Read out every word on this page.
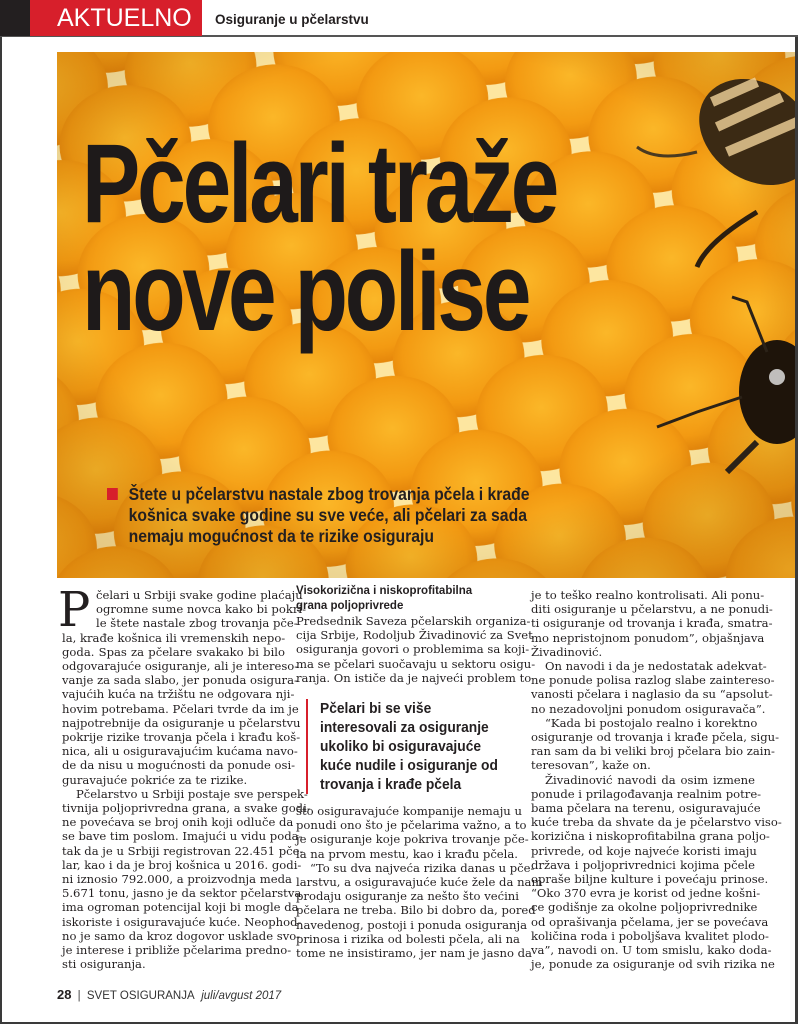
AKTUELNO	Osiguranje u pčelarstvu
Pčelari traže
nove polise
Štete u pčelarstvu nastale zbog trovanja pčela i krađe
košnica svake godine su sve veće, ali pčelari za sada
nemaju mogućnost da te rizike osiguraju
P čelari u Srbiji svake godine plaćaju
ogromne sume novca kako bi pokri-
le štete nastale zbog trovanja pče-
la, krađe košnica ili vremenskih nepo-
goda. Spas za pčelare svakako bi bilo
odgovarajuće osiguranje, ali je intereso-
vanje za sada slabo, jer ponuda osigura-
vajućih kuća na tržištu ne odgovara nji-
hovim potrebama. Pčelari tvrde da im je
najpotrebnije da osiguranje u pčelarstvu
pokrije rizike trovanja pčela i krađu koš-
nica, ali u osiguravajućim kućama navo-
de da nisu u mogućnosti da ponude osi-
guravajuće pokriće za te rizike.
Pčelarstvo u Srbiji postaje sve perspek-
tivnija poljoprivredna grana, a svake godi-
ne povećava se broj onih koji odluče da
se bave tim poslom. Imajući u vidu poda-
tak da je u Srbiji registrovan 22.451 pče-
lar, kao i da je broj košnica u 2016. godi-
ni iznosio 792.000, a proizvodnja meda
5.671 tonu, jasno je da sektor pčelarstva
ima ogroman potencijal koji bi mogle da
iskoriste i osiguravajuće kuće. Neophod-
no je samo da kroz dogovor usklade svo-
je interese i približe pčelarima predno-
sti osiguranja.
Visokorizična i niskoprofitabilna
grana poljoprivrede
Predsednik Saveza pčelarskih organiza-
cija Srbije, Rodoljub Živadinović za Svet
osiguranja govori o problemima sa koji-
ma se pčelari suočavaju u sektoru osigu-
ranja. On ističe da je najveći problem to
Pčelari bi se više
interesovali za osiguranje
ukoliko bi osiguravajuće
kuće nudile i osiguranje od
trovanja i krađe pčela
što osiguravajuće kompanije nemaju u
ponudi ono što je pčelarima važno, a to
je osiguranje koje pokriva trovanje pče-
la na prvom mestu, kao i krađu pčela.
“To su dva najveća rizika danas u pče-
larstvu, a osiguravajuće kuće žele da nam
prodaju osiguranje za nešto što većini
pčelara ne treba. Bilo bi dobro da, pored
navedenog, postoji i ponuda osiguranja
prinosa i rizika od bolesti pčela, ali na
tome ne insistiramo, jer nam je jasno da
je to teško realno kontrolisati. Ali ponu-
diti osiguranje u pčelarstvu, a ne ponudi-
ti osiguranje od trovanja i krađa, smatra-
mo nepristojnom ponudom”, objašnjava
Živadinović.
On navodi i da je nedostatak adekvat-
ne ponude polisa razlog slabe zaintereso-
vanosti pčelara i naglasio da su “apsolut-
no nezadovoljni ponudom osiguravača”.
“Kada bi postojalo realno i korektno
osiguranje od trovanja i krađe pčela, sigu-
ran sam da bi veliki broj pčelara bio zain-
teresovan”, kaže on.
Živadinović navodi da osim izmene
ponude i prilagođavanja realnim potre-
bama pčelara na terenu, osiguravajuće
kuće treba da shvate da je pčelarstvo viso-
korizična i niskoprofitabilna grana poljo-
privrede, od koje najveće koristi imaju
država i poljoprivrednici kojima pčele
oprаše biljne kulture i povećaju prinose.
“Oko 370 evra je korist od jedne košni-
ce godišnje za okolne poljoprivrednike
od oprašivanja pčelama, jer se povećava
količina roda i poboljšava kvalitet plodo-
va”, navodi on. U tom smislu, kako doda-
je, ponude za osiguranje od svih rizika ne
28 | SVET OSIGURANJA juli/avgust 2017
